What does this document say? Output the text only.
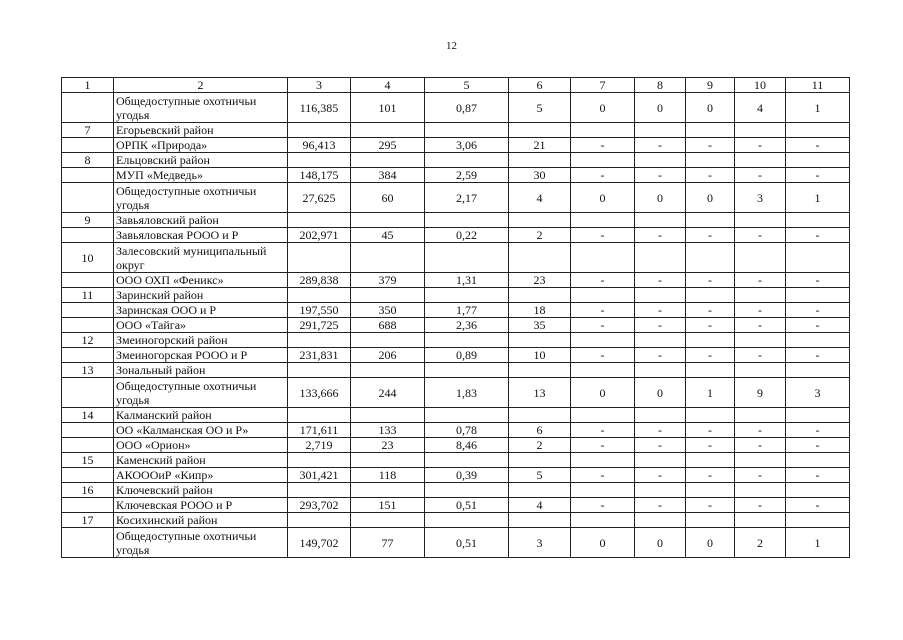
12
1	2	3	4	5	6	7	8	9	10	11
	Общедоступные охотничьи угодья	116,385	101	0,87	5	0	0	0	4	1
7	Егорьевский район									
	ОРПК «Природа»	96,413	295	3,06	21	-	-	-	-	-
8	Ельцовский район									
	МУП «Медведь»	148,175	384	2,59	30	-	-	-	-	-
	Общедоступные охотничьи угодья	27,625	60	2,17	4	0	0	0	3	1
9	Завьяловский район									
	Завьяловская РООО и Р	202,971	45	0,22	2	-	-	-	-	-
10	Залесовский муниципальный округ									
	ООО ОХП «Феникс»	289,838	379	1,31	23	-	-	-	-	-
11	Заринский район									
	Заринская ООО и Р	197,550	350	1,77	18	-	-	-	-	-
	ООО «Тайга»	291,725	688	2,36	35	-	-	-	-	-
12	Змеиногорский район									
	Змеиногорская РООО и Р	231,831	206	0,89	10	-	-	-	-	-
13	Зональный район									
	Общедоступные охотничьи угодья	133,666	244	1,83	13	0	0	1	9	3
14	Калманский район									
	ОО «Калманская ОО и Р»	171,611	133	0,78	6	-	-	-	-	-
	ООО «Орион»	2,719	23	8,46	2	-	-	-	-	-
15	Каменский район									
	АКОООиР «Кипр»	301,421	118	0,39	5	-	-	-	-	-
16	Ключевский район									
	Ключевская РООО и Р	293,702	151	0,51	4	-	-	-	-	-
17	Косихинский район									
	Общедоступные охотничьи угодья	149,702	77	0,51	3	0	0	0	2	1
